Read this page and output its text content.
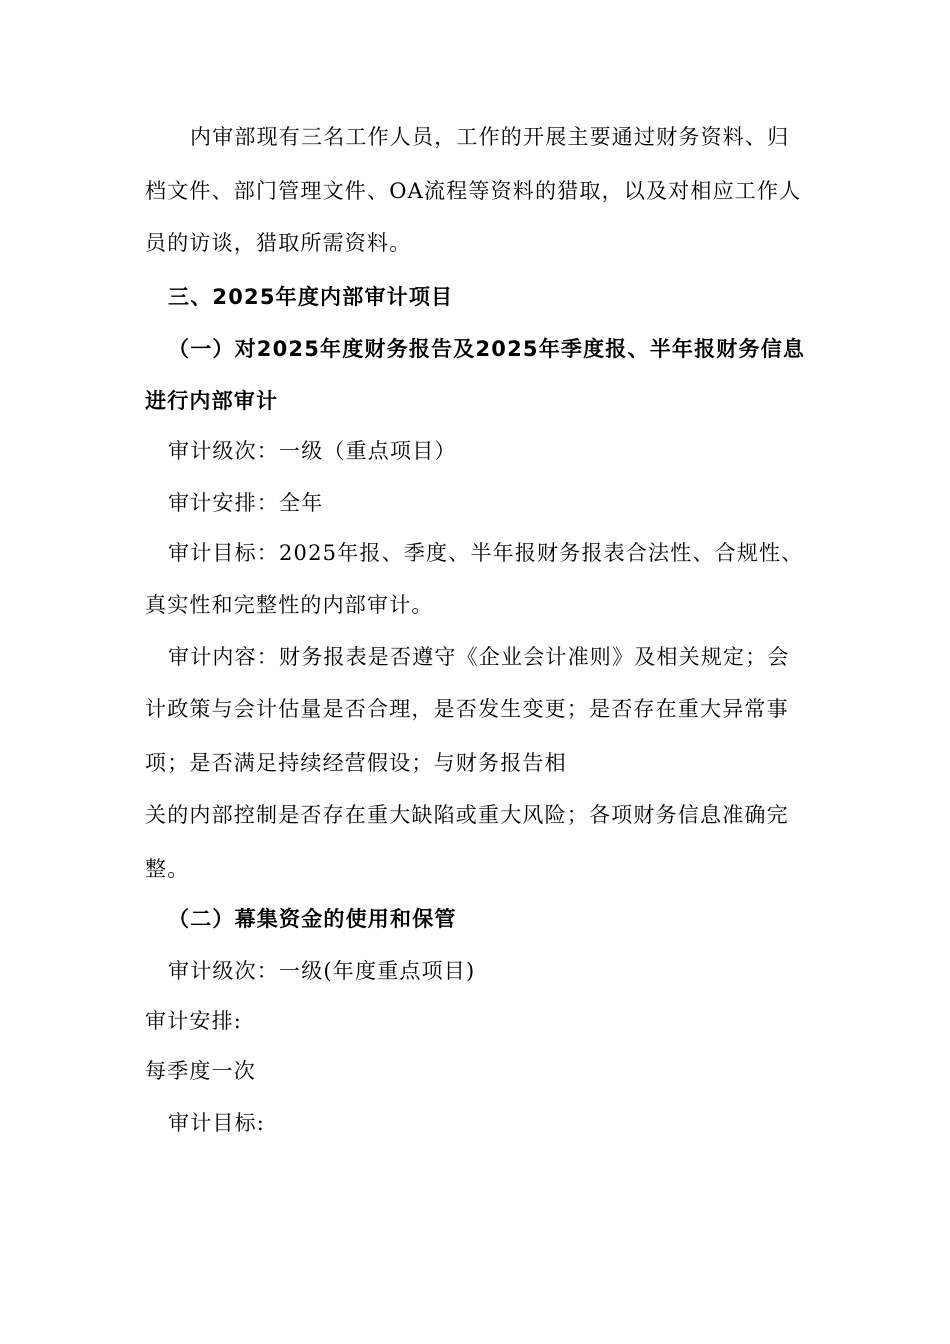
内审部现有三名工作人员，工作的开展主要通过财务资料、归
档文件、部门管理文件、OA流程等资料的猎取，以及对相应工作人
员的访谈，猎取所需资料。
三、2025年度内部审计项目
（一）对2025年度财务报告及2025年季度报、半年报财务信息
进行内部审计
审计级次：一级（重点项目）
审计安排：全年
审计目标：2025年报、季度、半年报财务报表合法性、合规性、
真实性和完整性的内部审计。
审计内容：财务报表是否遵守《企业会计准则》及相关规定；会
计政策与会计估量是否合理，是否发生变更；是否存在重大异常事
项；是否满足持续经营假设；与财务报告相
关的内部控制是否存在重大缺陷或重大风险；各项财务信息准确完
整。
（二）幕集资金的使用和保管
审计级次：一级(年度重点项目)
审计安排:
每季度一次
审计目标:
